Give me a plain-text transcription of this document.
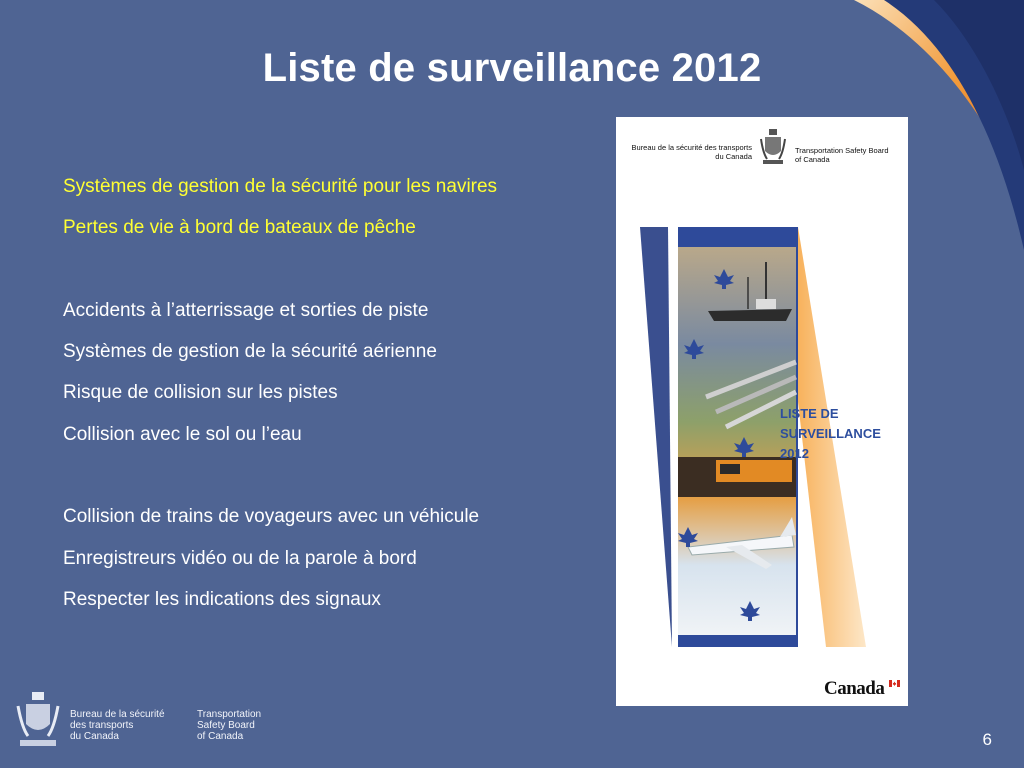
Liste de surveillance 2012
Systèmes de gestion de la sécurité pour les navires
Pertes de vie à bord de bateaux de pêche
Accidents à l’atterrissage et sorties de piste
Systèmes de gestion de la sécurité aérienne
Risque de collision sur les pistes
Collision avec le sol ou l’eau
Collision de trains de voyageurs avec un véhicule
Enregistreurs vidéo ou de la parole à bord
Respecter les indications des signaux
Bureau de la sécurité des transports
du Canada
Transportation Safety Board
of Canada
LISTE DE
SURVEILLANCE
2012
Canada
Bureau de la sécurité
des transports
du Canada
Transportation
Safety Board
of Canada	6
